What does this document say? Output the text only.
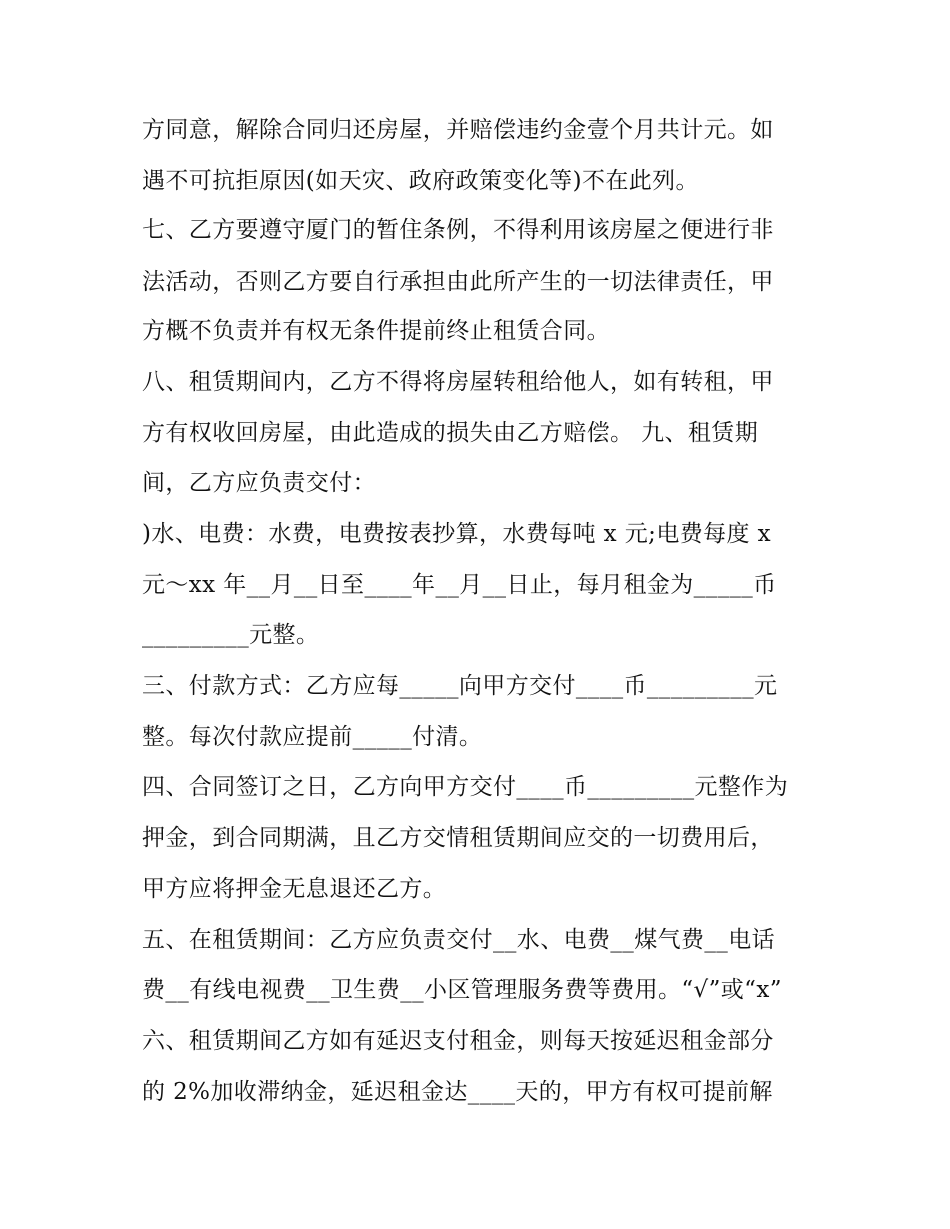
方同意，解除合同归还房屋，并赔偿违约金壹个月共计元。如
遇不可抗拒原因(如天灾、政府政策变化等)不在此列。
七、乙方要遵守厦门的暂住条例，不得利用该房屋之便进行非
法活动，否则乙方要自行承担由此所产生的一切法律责任，甲
方概不负责并有权无条件提前终止租赁合同。
八、租赁期间内，乙方不得将房屋转租给他人，如有转租，甲
方有权收回房屋，由此造成的损失由乙方赔偿。 九、租赁期
间，乙方应负责交付：
)水、电费：水费，电费按表抄算，水费每吨 x 元;电费每度 x
元～xx 年__月__日至____年__月__日止，每月租金为_____币
_________元整。
三、付款方式：乙方应每_____向甲方交付____币_________元
整。每次付款应提前_____付清。
四、合同签订之日，乙方向甲方交付____币_________元整作为
押金，到合同期满，且乙方交情租赁期间应交的一切费用后，
甲方应将押金无息退还乙方。
五、在租赁期间：乙方应负责交付__水、电费__煤气费__电话
费__有线电视费__卫生费__小区管理服务费等费用。“√”或“x”
六、租赁期间乙方如有延迟支付租金，则每天按延迟租金部分
的 2%加收滞纳金，延迟租金达____天的，甲方有权可提前解
